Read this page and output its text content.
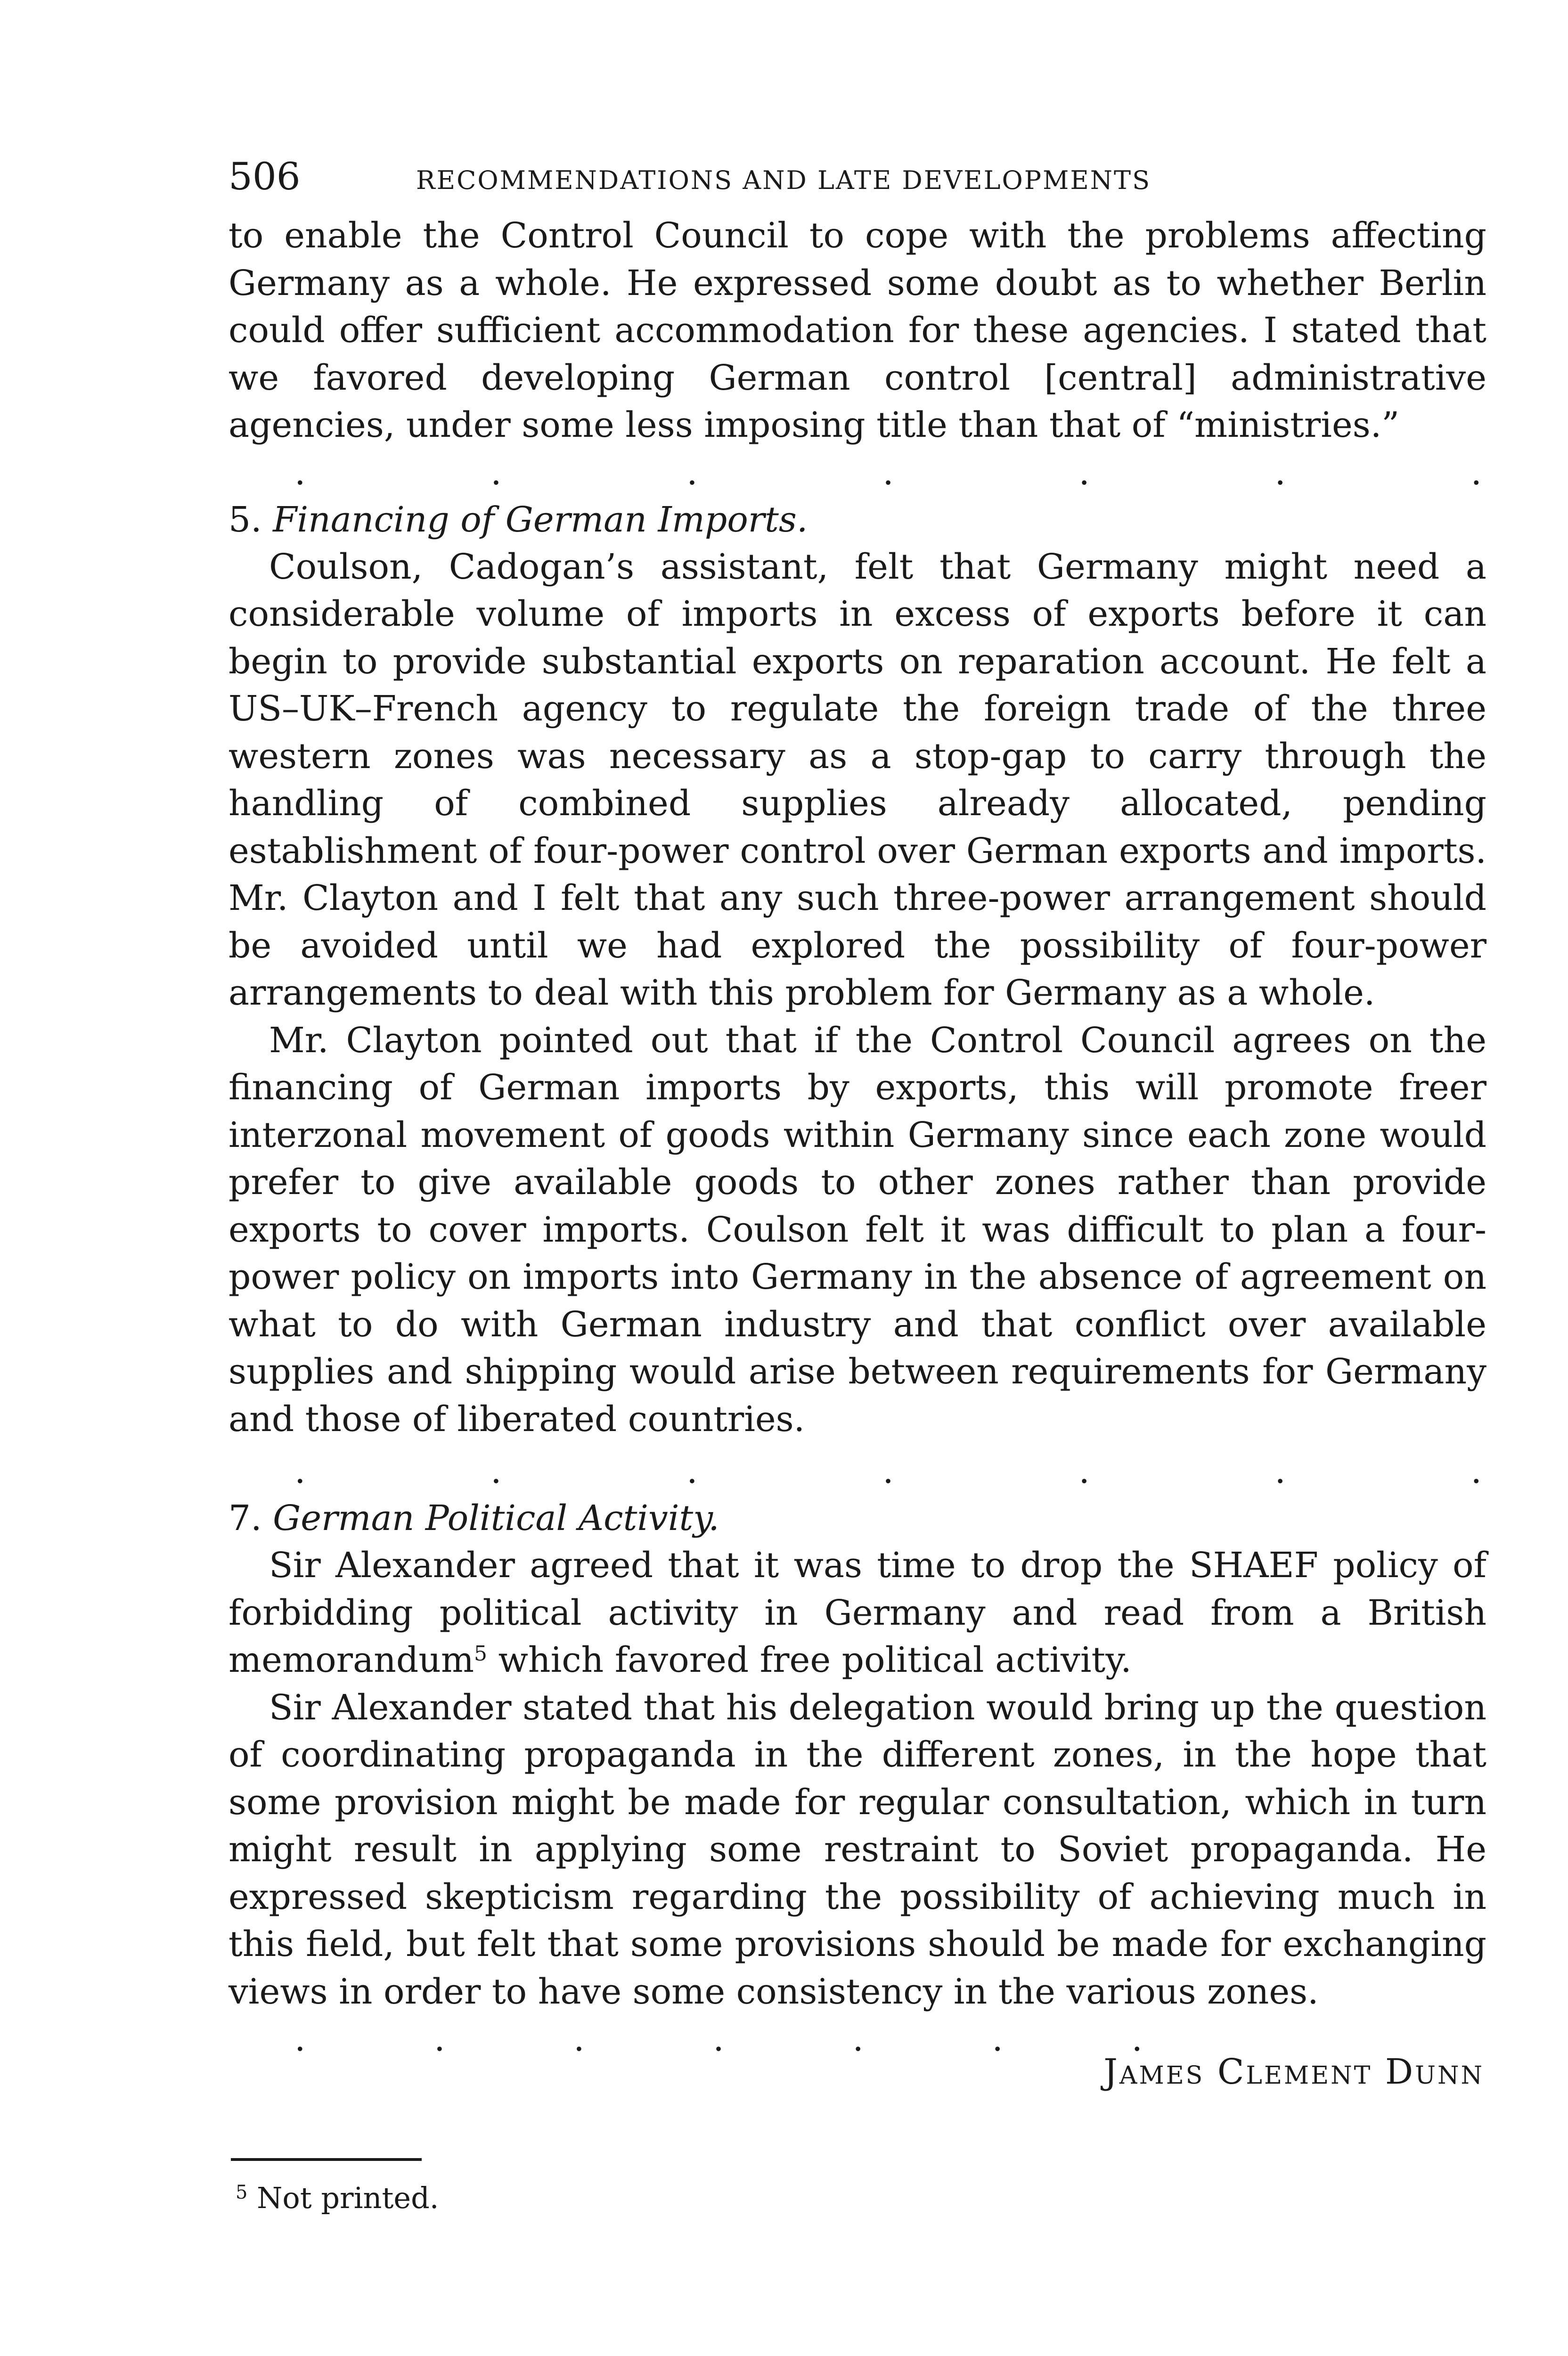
506	RECOMMENDATIONS AND LATE DEVELOPMENTS

to enable the Control Council to cope with the problems affecting Germany as a whole. He expressed some doubt as to whether Berlin could offer sufficient accommodation for these agencies. I stated that we favored developing German control [central] administrative agencies, under some less imposing title than that of “ministries.”

.	.	.	.	.	.	.

5. Financing of German Imports.

Coulson, Cadogan’s assistant, felt that Germany might need a considerable volume of imports in excess of exports before it can begin to provide substantial exports on reparation account. He felt a US–UK–French agency to regulate the foreign trade of the three western zones was necessary as a stop-gap to carry through the handling of combined supplies already allocated, pending establishment of four-power control over German exports and imports. Mr. Clayton and I felt that any such three-power arrangement should be avoided until we had explored the possibility of four-power arrangements to deal with this problem for Germany as a whole.

Mr. Clayton pointed out that if the Control Council agrees on the financing of German imports by exports, this will promote freer interzonal movement of goods within Germany since each zone would prefer to give available goods to other zones rather than provide exports to cover imports. Coulson felt it was difficult to plan a four-power policy on imports into Germany in the absence of agreement on what to do with German industry and that conflict over available supplies and shipping would arise between requirements for Germany and those of liberated countries.

.	.	.	.	.	.	.

7. German Political Activity.

Sir Alexander agreed that it was time to drop the SHAEF policy of forbidding political activity in Germany and read from a British memorandum$^5$ which favored free political activity.

Sir Alexander stated that his delegation would bring up the question of coordinating propaganda in the different zones, in the hope that some provision might be made for regular consultation, which in turn might result in applying some restraint to Soviet propaganda. He expressed skepticism regarding the possibility of achieving much in this field, but felt that some provisions should be made for exchanging views in order to have some consistency in the various zones.

.	.	.	.	.	.	.
James Clement Dunn
$^5$ Not printed.
